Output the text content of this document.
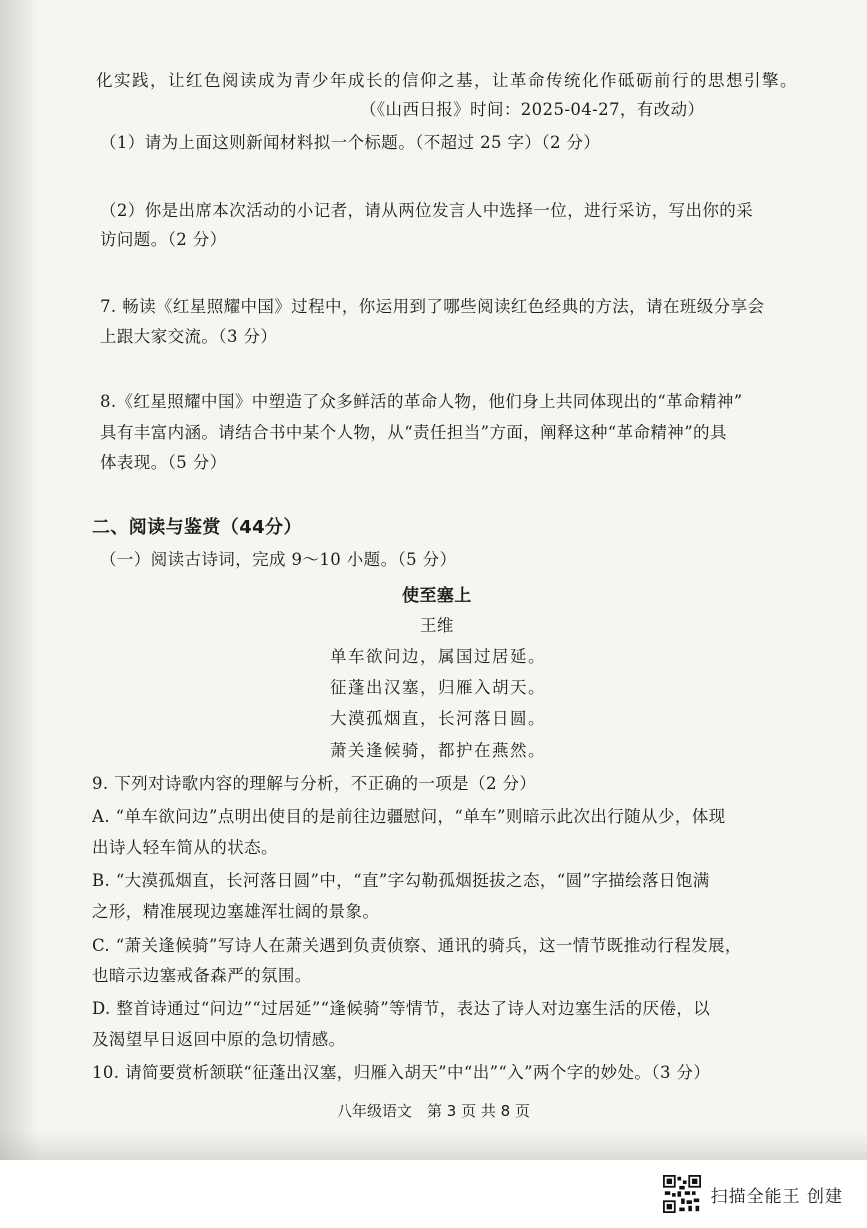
化实践，让红色阅读成为青少年成长的信仰之基，让革命传统化作砥砺前行的思想引擎。
（《山西日报》时间：2025-04-27，有改动）
（1）请为上面这则新闻材料拟一个标题。（不超过 25 字）（2 分）
（2）你是出席本次活动的小记者，请从两位发言人中选择一位，进行采访，写出你的采
访问题。（2 分）
7. 畅读《红星照耀中国》过程中，你运用到了哪些阅读红色经典的方法，请在班级分享会
上跟大家交流。（3 分）
8.《红星照耀中国》中塑造了众多鲜活的革命人物，他们身上共同体现出的“革命精神”
具有丰富内涵。请结合书中某个人物，从“责任担当”方面，阐释这种“革命精神”的具
体表现。（5 分）
二、阅读与鉴赏（44分）
（一）阅读古诗词，完成 9～10 小题。（5 分）
使至塞上
王维
单车欲问边，属国过居延。
征蓬出汉塞，归雁入胡天。
大漠孤烟直，长河落日圆。
萧关逢候骑，都护在燕然。
9. 下列对诗歌内容的理解与分析，不正确的一项是（2 分）
A. “单车欲问边”点明出使目的是前往边疆慰问，“单车”则暗示此次出行随从少，体现
出诗人轻车简从的状态。
B. “大漠孤烟直，长河落日圆”中，“直”字勾勒孤烟挺拔之态，“圆”字描绘落日饱满
之形，精准展现边塞雄浑壮阔的景象。
C. “萧关逢候骑”写诗人在萧关遇到负责侦察、通讯的骑兵，这一情节既推动行程发展，
也暗示边塞戒备森严的氛围。
D. 整首诗通过“问边”“过居延”“逢候骑”等情节，表达了诗人对边塞生活的厌倦，以
及渴望早日返回中原的急切情感。
10. 请简要赏析颔联“征蓬出汉塞，归雁入胡天”中“出”“入”两个字的妙处。（3 分）
八年级语文　第 3 页 共 8 页
扫描全能王 创建
